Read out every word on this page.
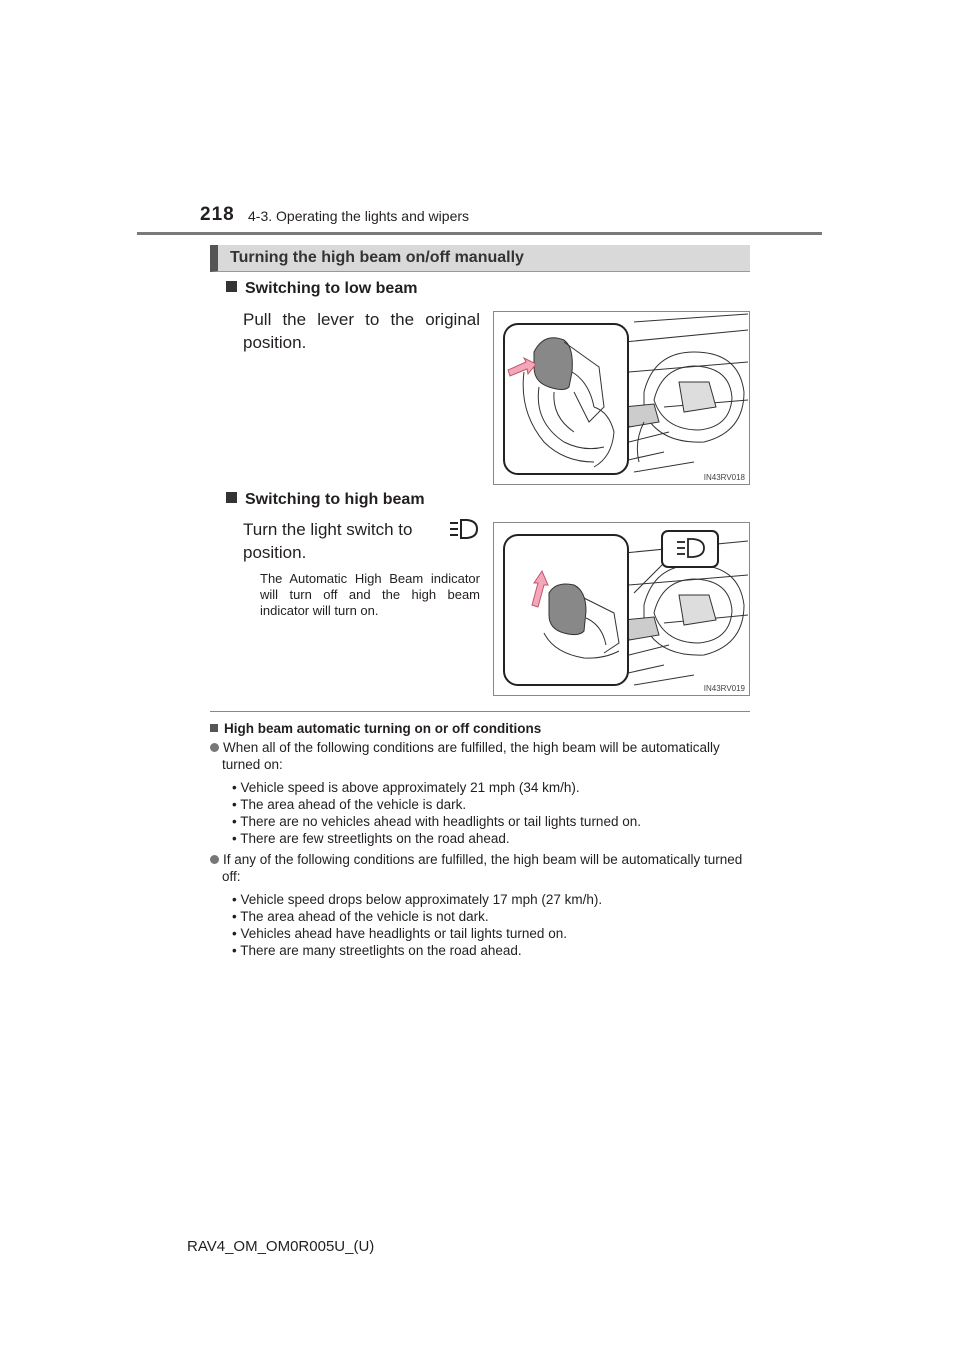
218 4-3. Operating the lights and wipers
Turning the high beam on/off manually
Switching to low beam
Pull the lever to the original position.
IN43RV018
Switching to high beam
Turn the light switch to
position.
The Automatic High Beam indicator will turn off and the high beam indicator will turn on.
IN43RV019
High beam automatic turning on or off conditions
When all of the following conditions are fulfilled, the high beam will be automatically turned on:
• Vehicle speed is above approximately 21 mph (34 km/h).
• The area ahead of the vehicle is dark.
• There are no vehicles ahead with headlights or tail lights turned on.
• There are few streetlights on the road ahead.
If any of the following conditions are fulfilled, the high beam will be automatically turned off:
• Vehicle speed drops below approximately 17 mph (27 km/h).
• The area ahead of the vehicle is not dark.
• Vehicles ahead have headlights or tail lights turned on.
• There are many streetlights on the road ahead.
RAV4_OM_OM0R005U_(U)
